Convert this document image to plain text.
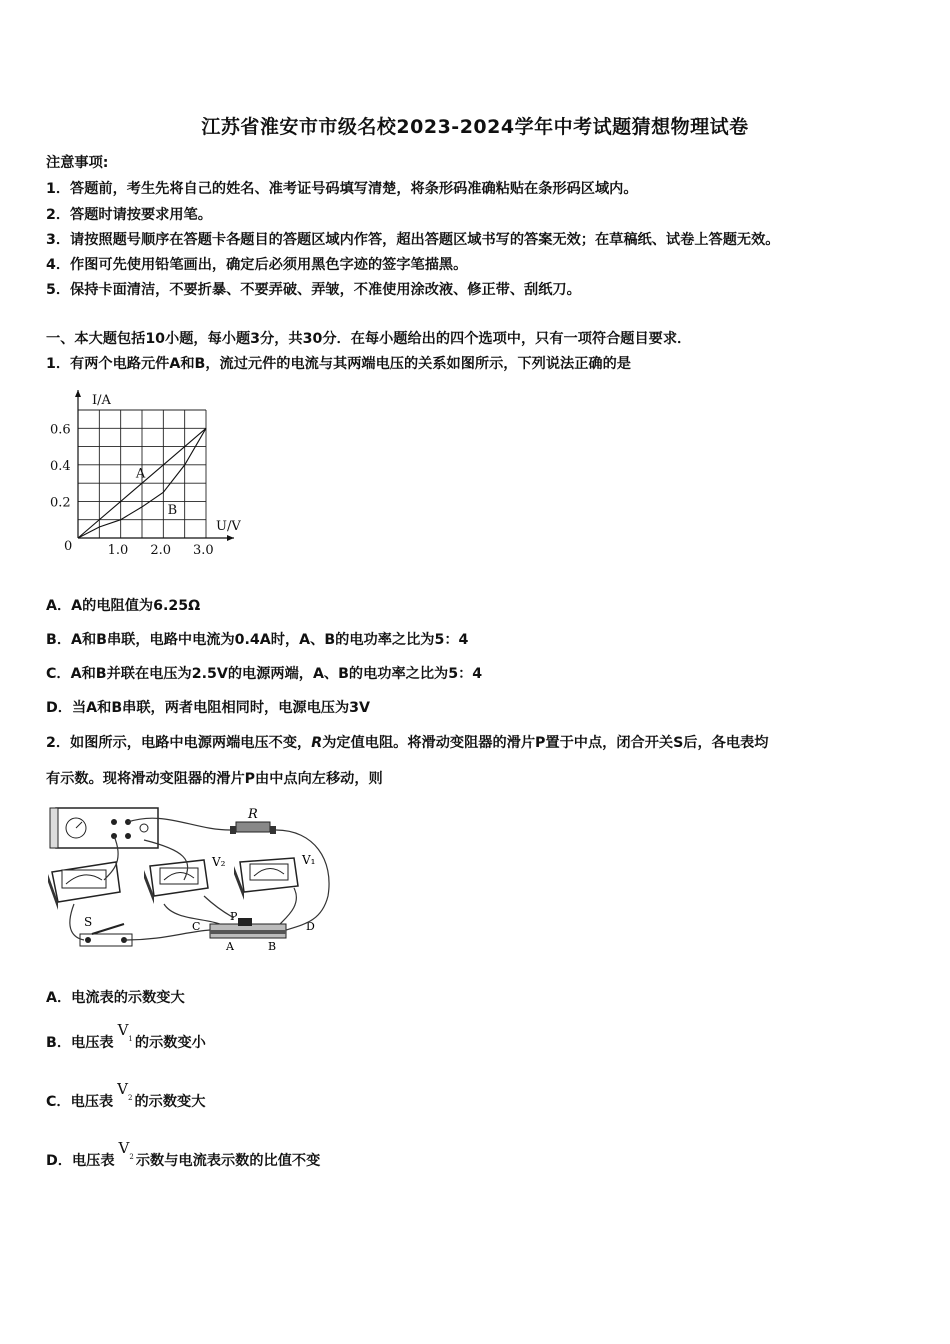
江苏省淮安市市级名校2023-2024学年中考试题猜想物理试卷
注意事项:
1．答题前，考生先将自己的姓名、准考证号码填写清楚，将条形码准确粘贴在条形码区域内。
2．答题时请按要求用笔。
3．请按照题号顺序在答题卡各题目的答题区域内作答，超出答题区域书写的答案无效；在草稿纸、试卷上答题无效。
4．作图可先使用铅笔画出，确定后必须用黑色字迹的签字笔描黑。
5．保持卡面清洁，不要折暴、不要弄破、弄皱，不准使用涂改液、修正带、刮纸刀。
一、本大题包括10小题，每小题3分，共30分．在每小题给出的四个选项中，只有一项符合题目要求．
1．有两个电路元件A和B，流过元件的电流与其两端电压的关系如图所示，下列说法正确的是
I/A
U/V
0	1.0 2.0 3.0
0.2
0.4
0.6
A
B
A．A的电阻值为6.25Ω
B．A和B串联，电路中电流为0.4A时，A、B的电功率之比为5：4
C．A和B并联在电压为2.5V的电源两端，A、B的电功率之比为5：4
D．当A和B串联，两者电阻相同时，电源电压为3V
2．如图所示，电路中电源两端电压不变，R为定值电阻。将滑动变阻器的滑片P置于中点，闭合开关S后，各电表均
有示数。现将滑动变阻器的滑片P由中点向左移动，则
R
V₂	V₁
S	C
P
D
A	B
A．电流表的示数变大
B．电压表$V_1$ 的示数变小
C．电压表$V_2$ 的示数变大
D．电压表$V_2$ 示数与电流表示数的比值不变
